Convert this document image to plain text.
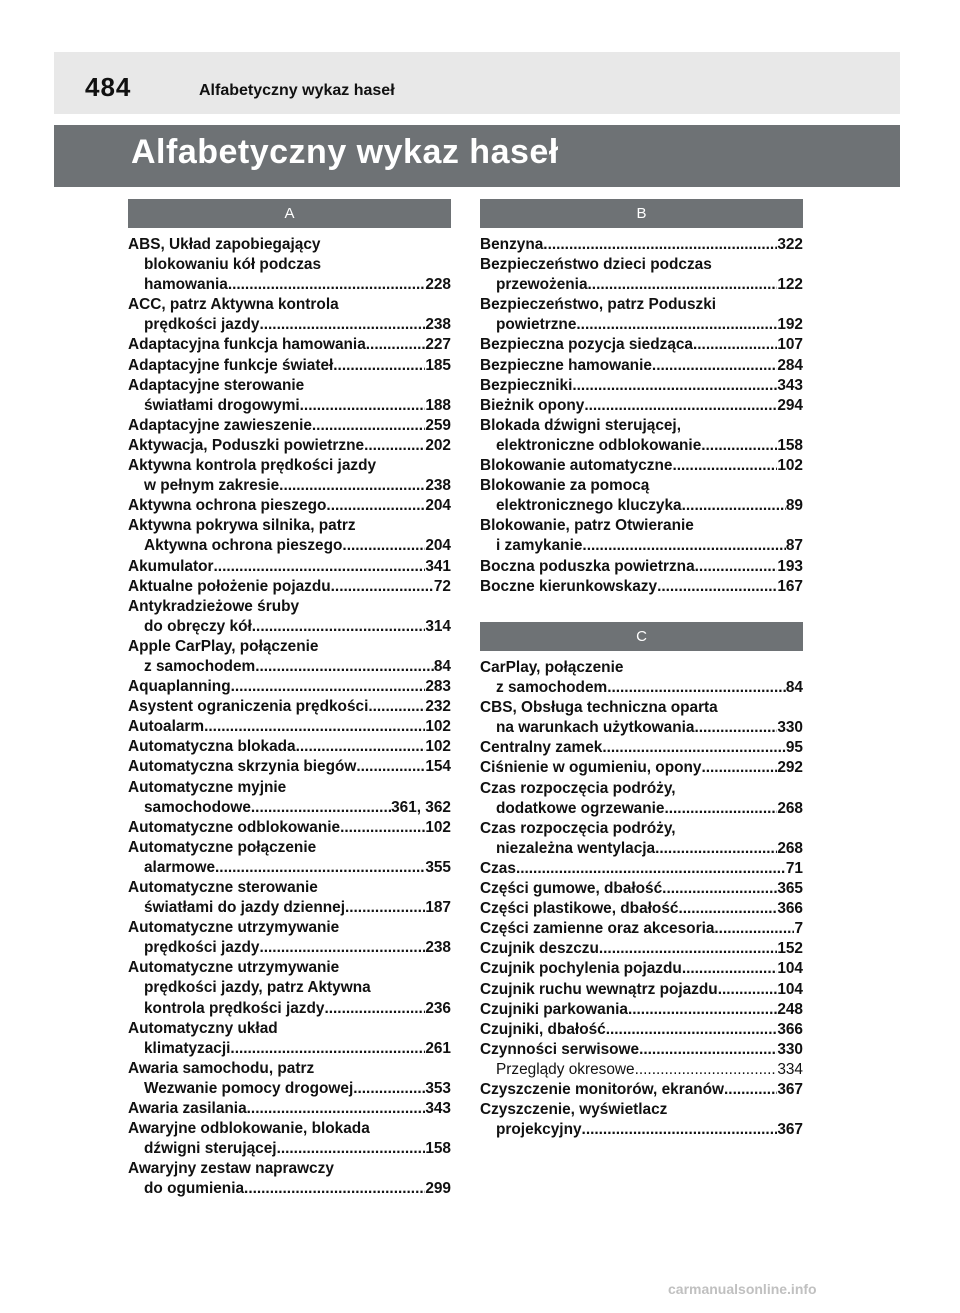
484	Alfabetyczny wykaz haseł
Alfabetyczny wykaz haseł
A
ABS, Układ zapobiegający
blokowaniu kół podczas
hamowania .....	228
ACC, patrz Aktywna kontrola
prędkości jazdy .....	238
Adaptacyjna funkcja hamowania .....	227
Adaptacyjne funkcje świateł .....	185
Adaptacyjne sterowanie
światłami drogowymi .....	188
Adaptacyjne zawieszenie .....	259
Aktywacja, Poduszki powietrzne .....	202
Aktywna kontrola prędkości jazdy
w pełnym zakresie .....	238
Aktywna ochrona pieszego .....	204
Aktywna pokrywa silnika, patrz
Aktywna ochrona pieszego .....	204
Akumulator .....	341
Aktualne położenie pojazdu .....	72
Antykradzieżowe śruby
do obręczy kół .....	314
Apple CarPlay, połączenie
z samochodem .....	84
Aquaplanning .....	283
Asystent ograniczenia prędkości .....	232
Autoalarm .....	102
Automatyczna blokada .....	102
Automatyczna skrzynia biegów .....	154
Automatyczne myjnie
samochodowe .....	361, 362
Automatyczne odblokowanie .....	102
Automatyczne połączenie
alarmowe .....	355
Automatyczne sterowanie
światłami do jazdy dziennej .....	187
Automatyczne utrzymywanie
prędkości jazdy .....	238
Automatyczne utrzymywanie
prędkości jazdy, patrz Aktywna
kontrola prędkości jazdy .....	236
Automatyczny układ
klimatyzacji .....	261
Awaria samochodu, patrz
Wezwanie pomocy drogowej .....	353
Awaria zasilania .....	343
Awaryjne odblokowanie, blokada
dźwigni sterującej .....	158
Awaryjny zestaw naprawczy
do ogumienia .....	299
B
Benzyna .....	322
Bezpieczeństwo dzieci podczas
przewożenia .....	122
Bezpieczeństwo, patrz Poduszki
powietrzne .....	192
Bezpieczna pozycja siedząca .....	107
Bezpieczne hamowanie .....	284
Bezpieczniki .....	343
Bieżnik opony .....	294
Blokada dźwigni sterującej,
elektroniczne odblokowanie .....	158
Blokowanie automatyczne .....	102
Blokowanie za pomocą
elektronicznego kluczyka .....	89
Blokowanie, patrz Otwieranie
i zamykanie .....	87
Boczna poduszka powietrzna .....	193
Boczne kierunkowskazy .....	167
C
CarPlay, połączenie
z samochodem .....	84
CBS, Obsługa techniczna oparta
na warunkach użytkowania .....	330
Centralny zamek .....	95
Ciśnienie w ogumieniu, opony .....	292
Czas rozpoczęcia podróży,
dodatkowe ogrzewanie .....	268
Czas rozpoczęcia podróży,
niezależna wentylacja .....	268
Czas .....	71
Części gumowe, dbałość .....	365
Części plastikowe, dbałość .....	366
Części zamienne oraz akcesoria .....	7
Czujnik deszczu .....	152
Czujnik pochylenia pojazdu .....	104
Czujnik ruchu wewnątrz pojazdu .....	104
Czujniki parkowania .....	248
Czujniki, dbałość .....	366
Czynności serwisowe .....	330
Przeglądy okresowe .....	334
Czyszczenie monitorów, ekranów .....	367
Czyszczenie, wyświetlacz
projekcyjny .....	367
carmanualsonline.info
